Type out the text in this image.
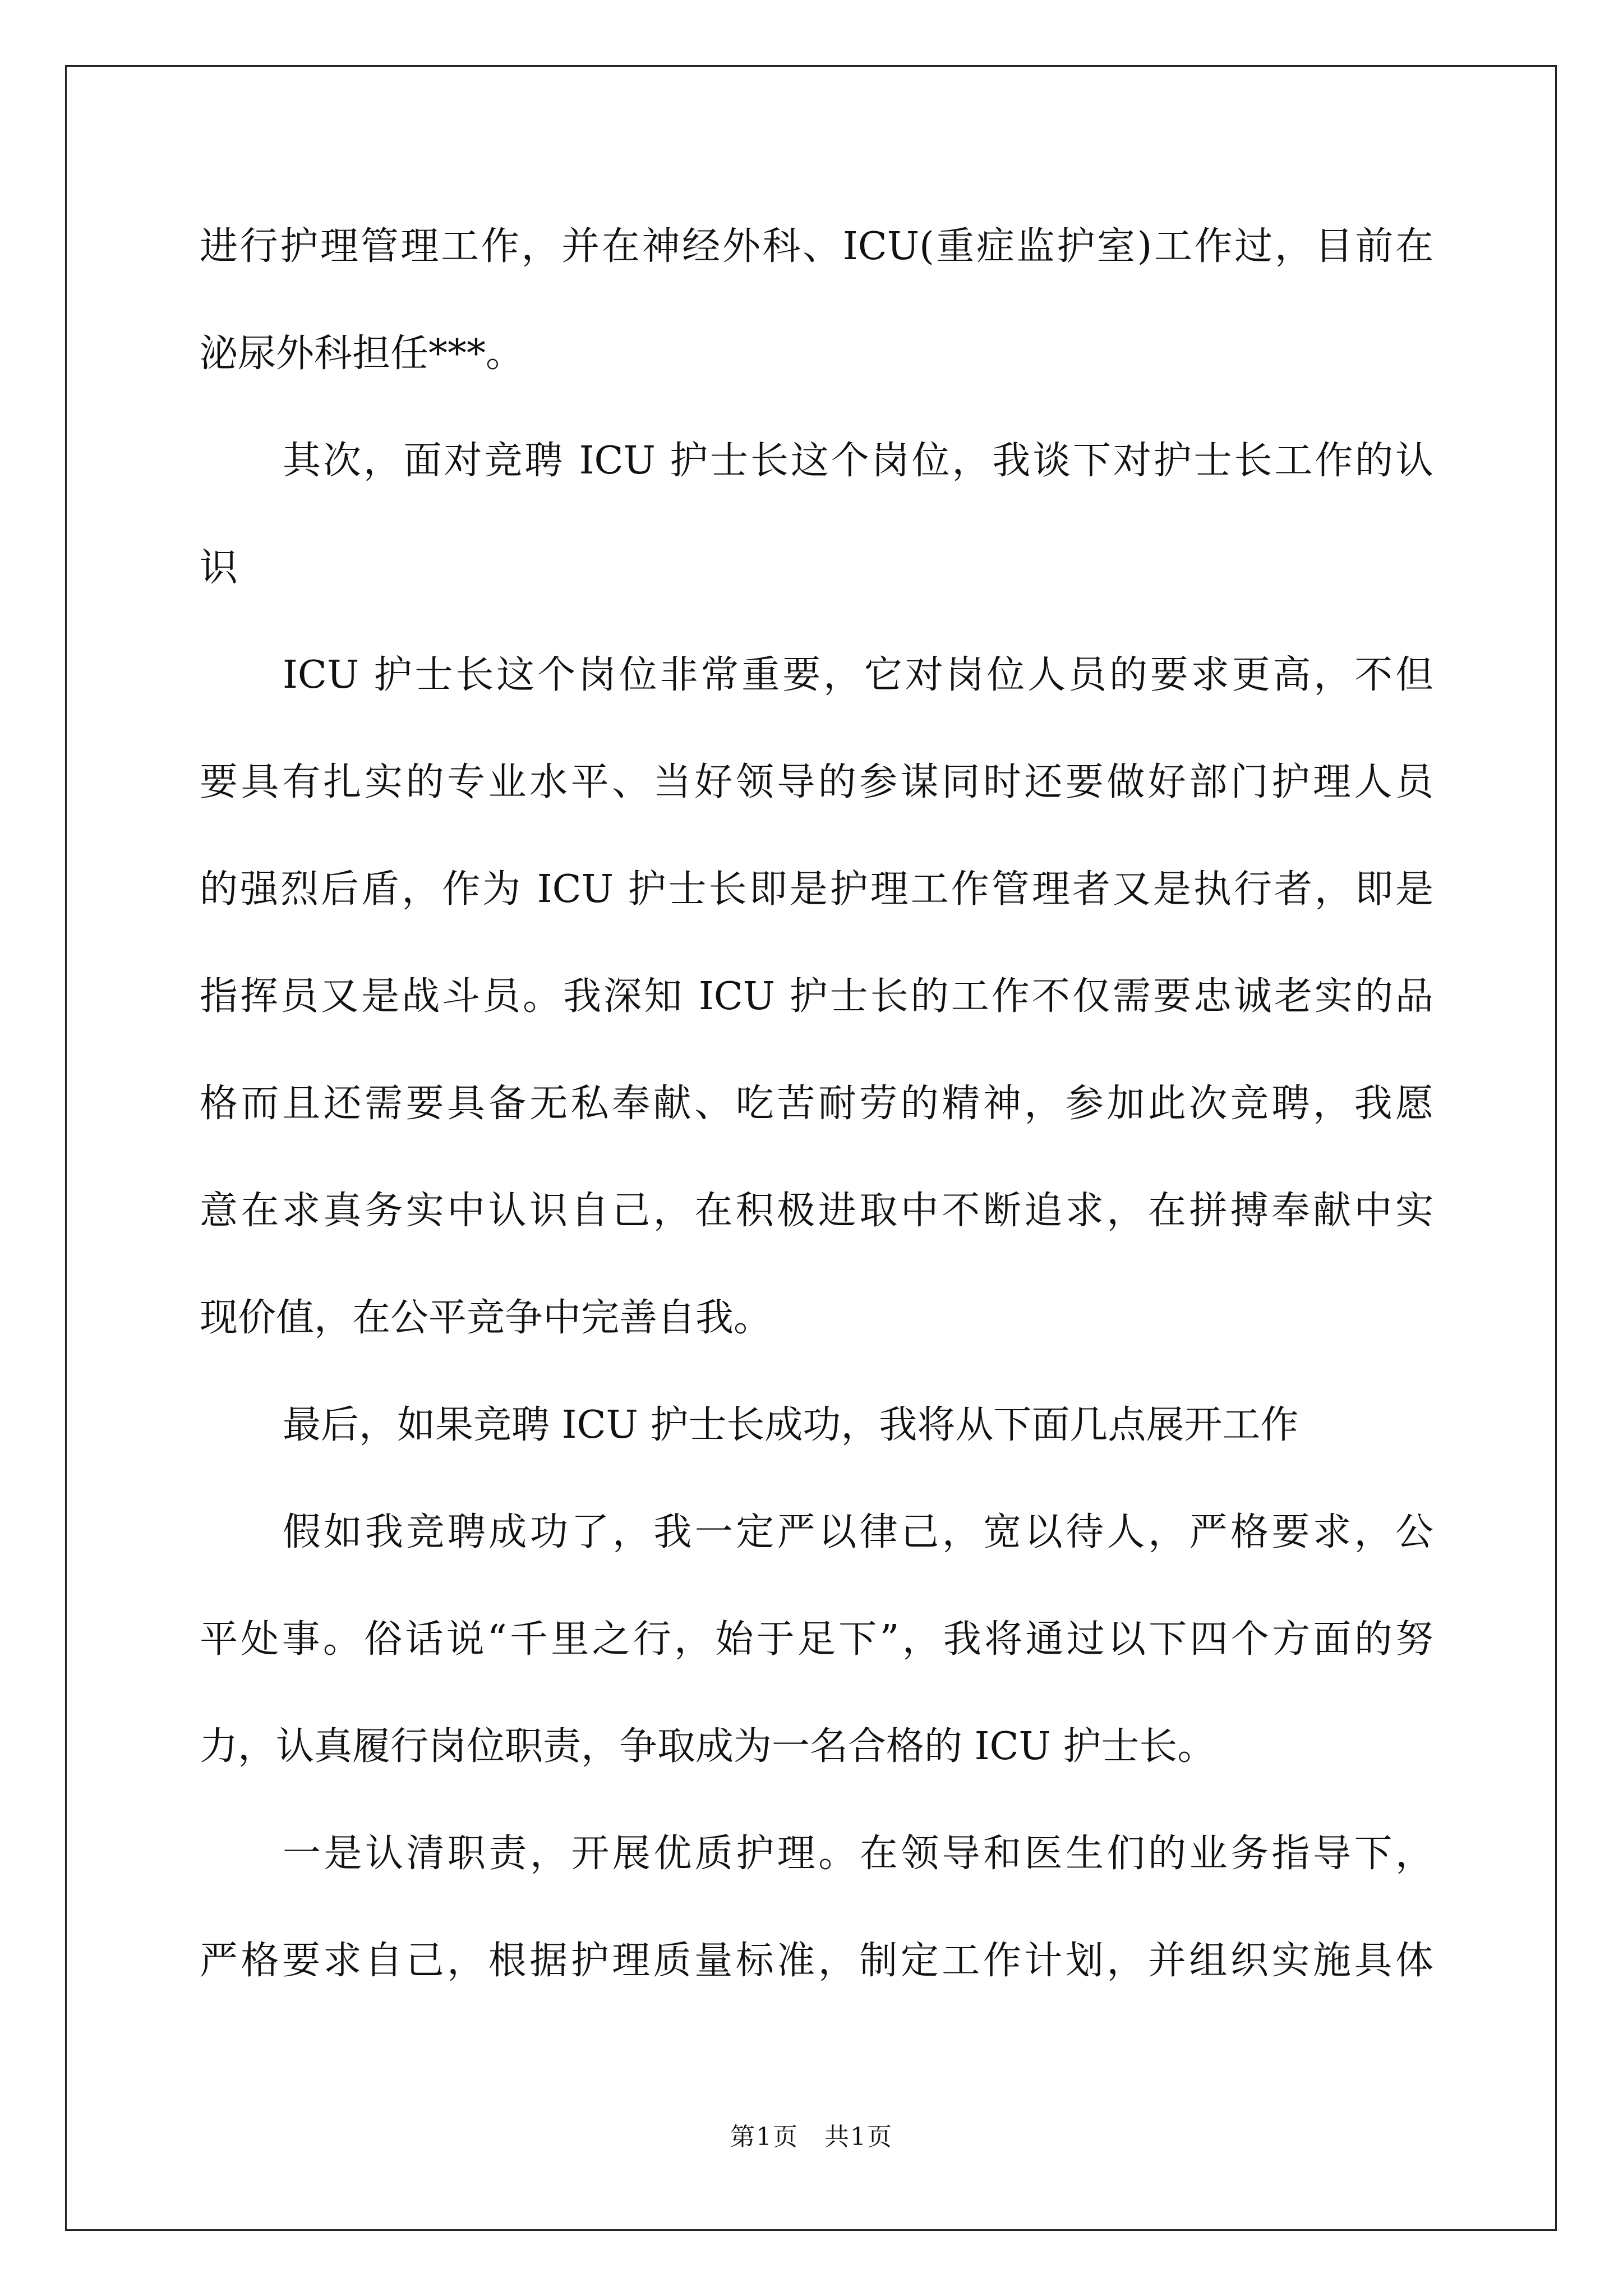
进行护理管理工作，并在神经外科、ICU(重症监护室)工作过，目前在
泌尿外科担任***。
其次，面对竞聘 ICU 护士长这个岗位，我谈下对护士长工作的认
识
ICU 护士长这个岗位非常重要，它对岗位人员的要求更高，不但
要具有扎实的专业水平、当好领导的参谋同时还要做好部门护理人员
的强烈后盾，作为 ICU 护士长即是护理工作管理者又是执行者，即是
指挥员又是战斗员。我深知 ICU 护士长的工作不仅需要忠诚老实的品
格而且还需要具备无私奉献、吃苦耐劳的精神，参加此次竞聘，我愿
意在求真务实中认识自己，在积极进取中不断追求，在拼搏奉献中实
现价值，在公平竞争中完善自我。
最后，如果竞聘 ICU 护士长成功，我将从下面几点展开工作
假如我竞聘成功了，我一定严以律己，宽以待人，严格要求，公
平处事。俗话说“千里之行，始于足下”，我将通过以下四个方面的努
力，认真履行岗位职责，争取成为一名合格的 ICU 护士长。
一是认清职责，开展优质护理。在领导和医生们的业务指导下，
严格要求自己，根据护理质量标准，制定工作计划，并组织实施具体
第1页　共1页
